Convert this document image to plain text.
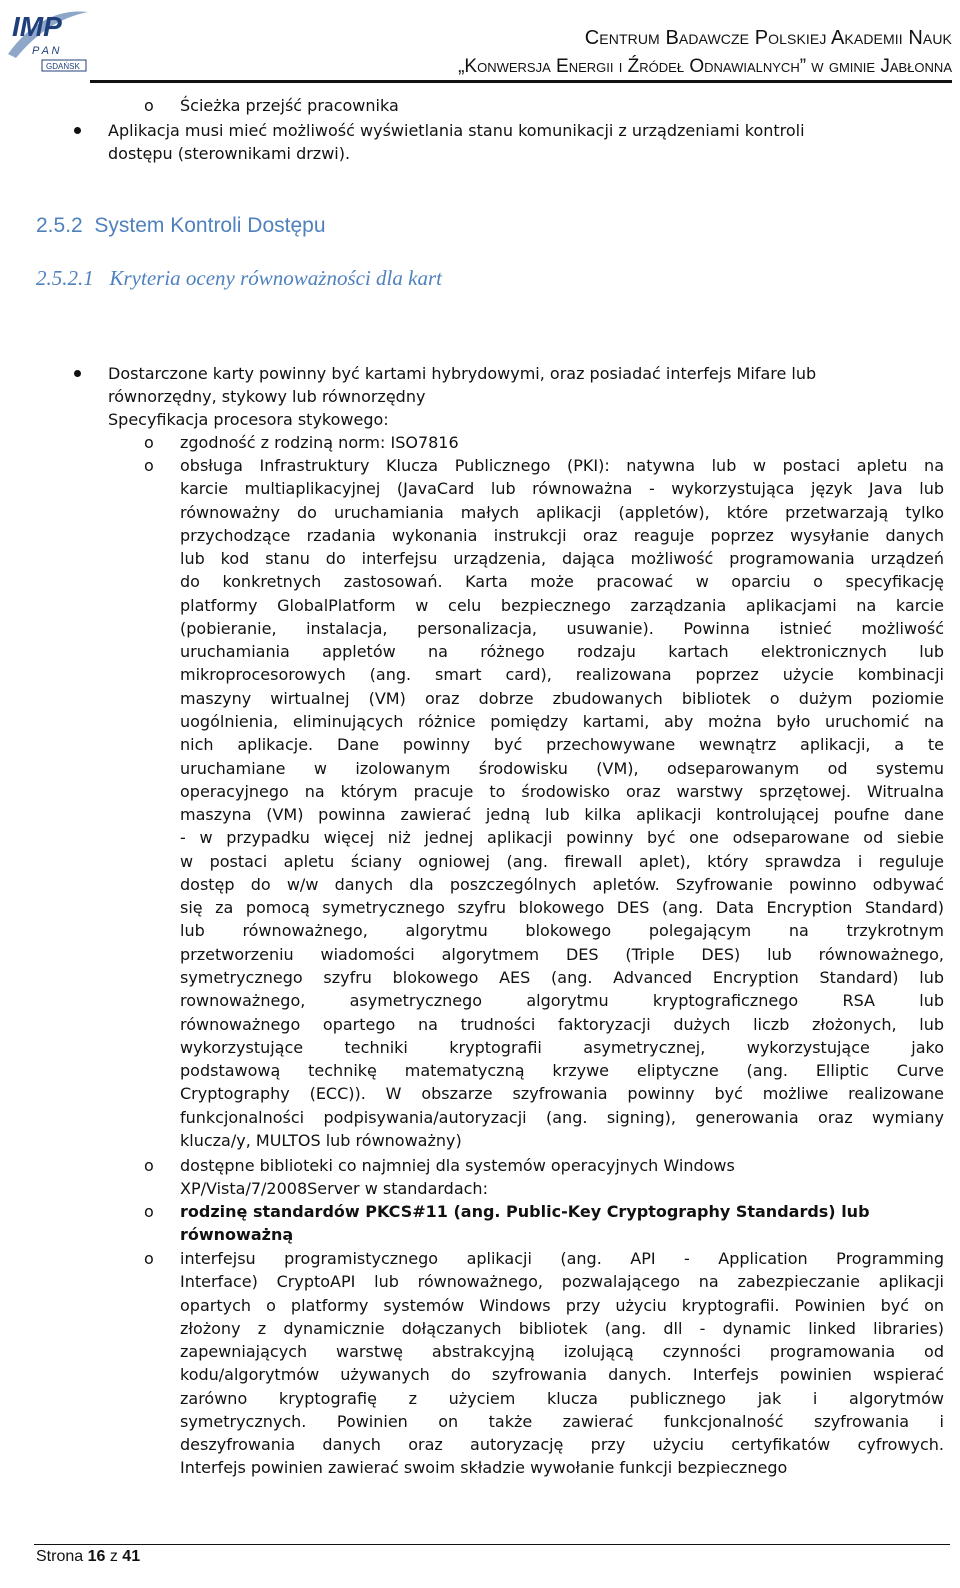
IMP
P A N
GDAŃSK
Centrum Badawcze Polskiej Akademii Nauk
„Konwersja Energii i Źródeł Odnawialnych” w gminie Jabłonna
o Ścieżka przejść pracownika
Aplikacja musi mieć możliwość wyświetlania stanu komunikacji z urządzeniami kontroli
dostępu (sterownikami drzwi).
2.5.2 System Kontroli Dostępu
2.5.2.1 Kryteria oceny równoważności dla kart
Dostarczone karty powinny być kartami hybrydowymi, oraz posiadać interfejs Mifare lub
równorzędny, stykowy lub równorzędny
Specyfikacja procesora stykowego:
o zgodność z rodziną norm: ISO7816
o obsługa Infrastruktury Klucza Publicznego (PKI): natywna lub w postaci apletu na
karcie multiaplikacyjnej (JavaCard lub równoważna - wykorzystująca język Java lub
równoważny do uruchamiania małych aplikacji (appletów), które przetwarzają tylko
przychodzące rzadania wykonania instrukcji oraz reaguje poprzez wysyłanie danych
lub kod stanu do interfejsu urządzenia, dająca możliwość programowania urządzeń
do konkretnych zastosowań. Karta może pracować w oparciu o specyfikację
platformy GlobalPlatform w celu bezpiecznego zarządzania aplikacjami na karcie
(pobieranie, instalacja, personalizacja, usuwanie). Powinna istnieć możliwość
uruchamiania appletów na różnego rodzaju kartach elektronicznych lub
mikroprocesorowych (ang. smart card), realizowana poprzez użycie kombinacji
maszyny wirtualnej (VM) oraz dobrze zbudowanych bibliotek o dużym poziomie
uogólnienia, eliminujących różnice pomiędzy kartami, aby można było uruchomić na
nich aplikacje. Dane powinny być przechowywane wewnątrz aplikacji, a te
uruchamiane w izolowanym środowisku (VM), odseparowanym od systemu
operacyjnego na którym pracuje to środowisko oraz warstwy sprzętowej. Witrualna
maszyna (VM) powinna zawierać jedną lub kilka aplikacji kontrolującej poufne dane
- w przypadku więcej niż jednej aplikacji powinny być one odseparowane od siebie
w postaci apletu ściany ogniowej (ang. firewall aplet), który sprawdza i reguluje
dostęp do w/w danych dla poszczególnych apletów. Szyfrowanie powinno odbywać
się za pomocą symetrycznego szyfru blokowego DES (ang. Data Encryption Standard)
lub równoważnego, algorytmu blokowego polegającym na trzykrotnym
przetworzeniu wiadomości algorytmem DES (Triple DES) lub równoważnego,
symetrycznego szyfru blokowego AES (ang. Advanced Encryption Standard) lub
rownoważnego, asymetrycznego algorytmu kryptograficznego RSA lub
równoważnego opartego na trudności faktoryzacji dużych liczb złożonych, lub
wykorzystujące techniki kryptografii asymetrycznej, wykorzystujące jako
podstawową technikę matematyczną krzywe eliptyczne (ang. Elliptic Curve
Cryptography (ECC)). W obszarze szyfrowania powinny być możliwe realizowane
funkcjonalności podpisywania/autoryzacji (ang. signing), generowania oraz wymiany
klucza/y, MULTOS lub równoważny)
o dostępne biblioteki co najmniej dla systemów operacyjnych Windows
XP/Vista/7/2008Server w standardach:
o rodzinę standardów PKCS#11 (ang. Public-Key Cryptography Standards) lub
równoważną
o interfejsu programistycznego aplikacji (ang. API - Application Programming
Interface) CryptoAPI lub równoważnego, pozwalającego na zabezpieczanie aplikacji
opartych o platformy systemów Windows przy użyciu kryptografii. Powinien być on
złożony z dynamicznie dołączanych bibliotek (ang. dll - dynamic linked libraries)
zapewniających warstwę abstrakcyjną izolującą czynności programowania od
kodu/algorytmów używanych do szyfrowania danych. Interfejs powinien wspierać
zarówno kryptografię z użyciem klucza publicznego jak i algorytmów
symetrycznych. Powinien on także zawierać funkcjonalność szyfrowania i
deszyfrowania danych oraz autoryzację przy użyciu certyfikatów cyfrowych.
Interfejs powinien zawierać swoim składzie wywołanie funkcji bezpiecznego
Strona 16 z 41
